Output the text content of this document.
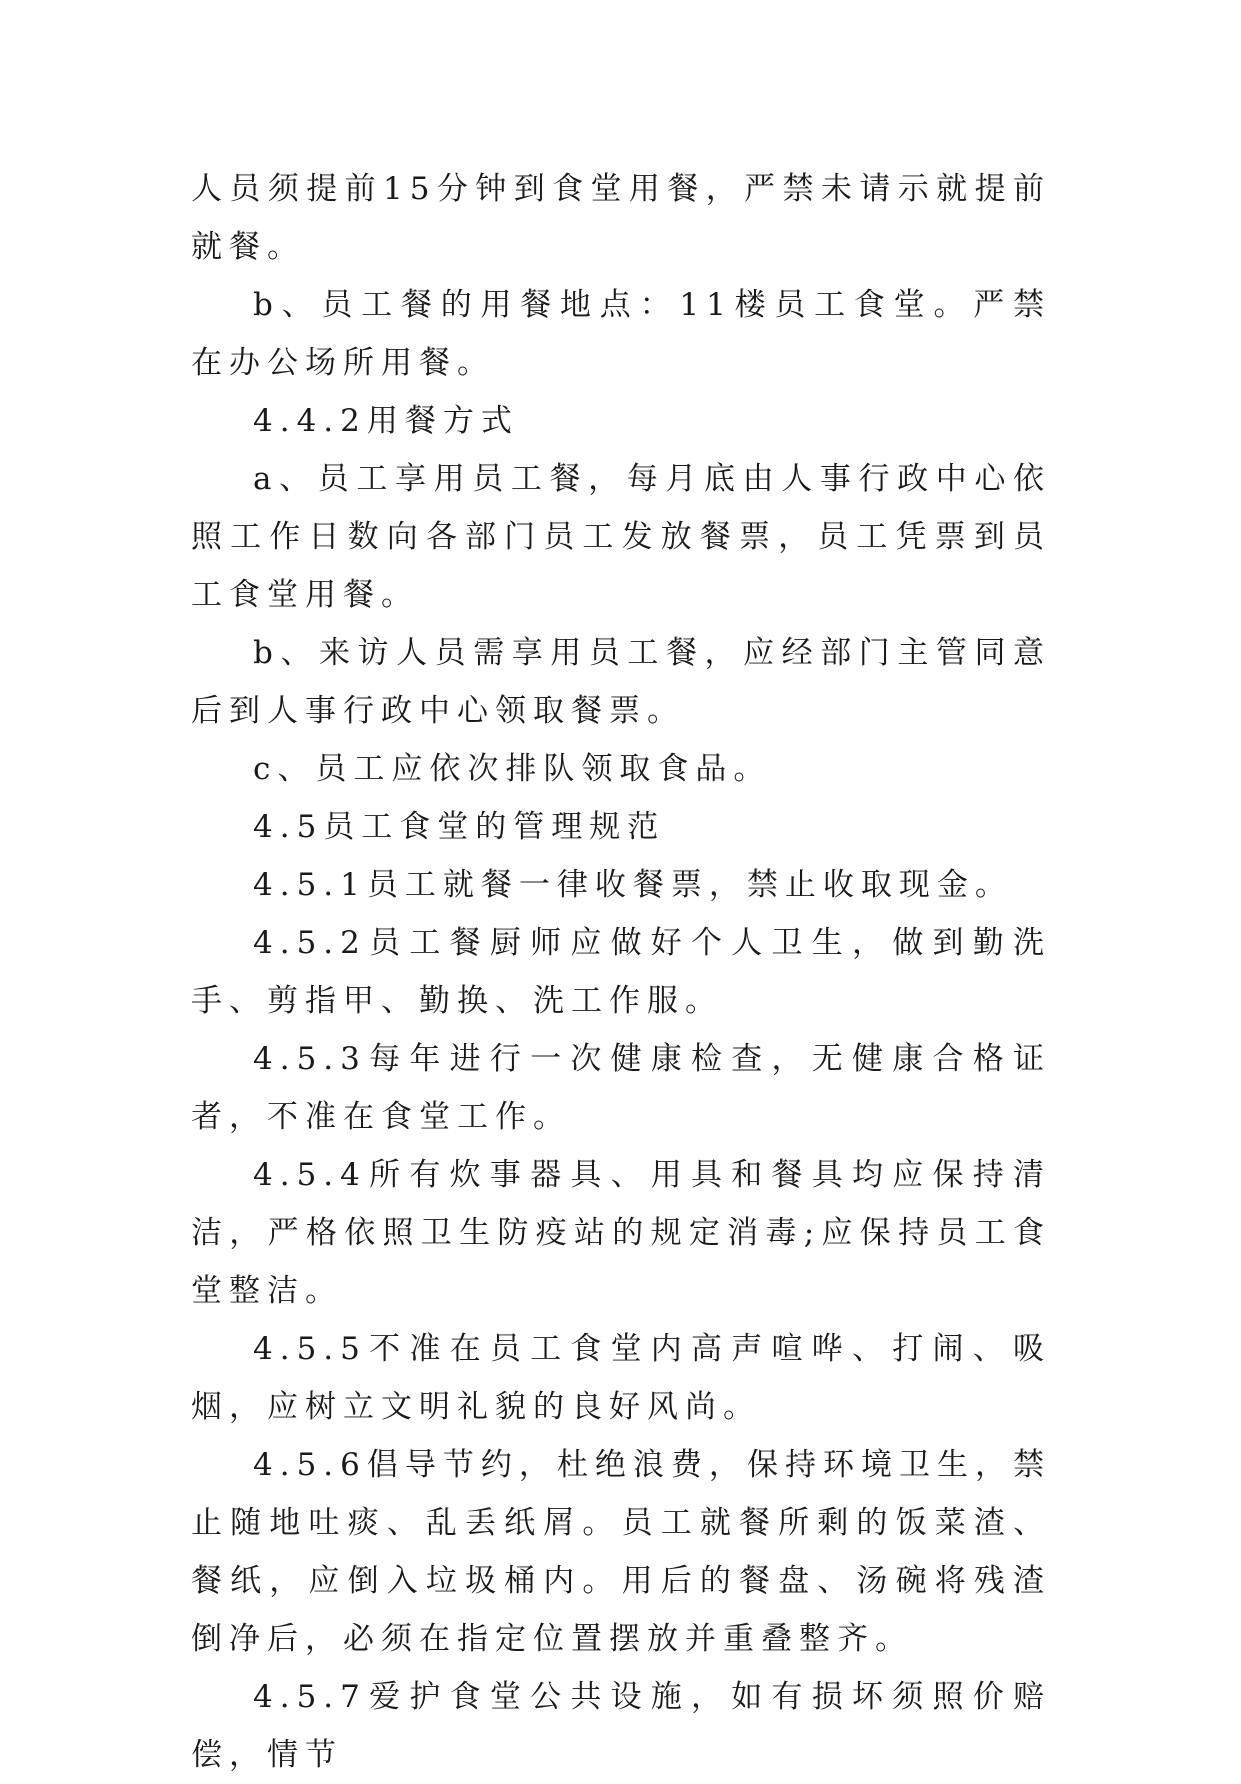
人员须提前15分钟到食堂用餐，严禁未请示就提前就餐。

b、员工餐的用餐地点：11楼员工食堂。严禁在办公场所用餐。

4.4.2用餐方式

a、员工享用员工餐，每月底由人事行政中心依照工作日数向各部门员工发放餐票，员工凭票到员工食堂用餐。

b、来访人员需享用员工餐，应经部门主管同意后到人事行政中心领取餐票。

c、员工应依次排队领取食品。

4.5员工食堂的管理规范

4.5.1员工就餐一律收餐票，禁止收取现金。

4.5.2员工餐厨师应做好个人卫生，做到勤洗手、剪指甲、勤换、洗工作服。

4.5.3每年进行一次健康检查，无健康合格证者，不准在食堂工作。

4.5.4所有炊事器具、用具和餐具均应保持清洁，严格依照卫生防疫站的规定消毒;应保持员工食堂整洁。

4.5.5不准在员工食堂内高声喧哗、打闹、吸烟，应树立文明礼貌的良好风尚。

4.5.6倡导节约，杜绝浪费，保持环境卫生，禁止随地吐痰、乱丢纸屑。员工就餐所剩的饭菜渣、餐纸，应倒入垃圾桶内。用后的餐盘、汤碗将残渣倒净后，必须在指定位置摆放并重叠整齐。

4.5.7爱护食堂公共设施，如有损坏须照价赔偿，情节
